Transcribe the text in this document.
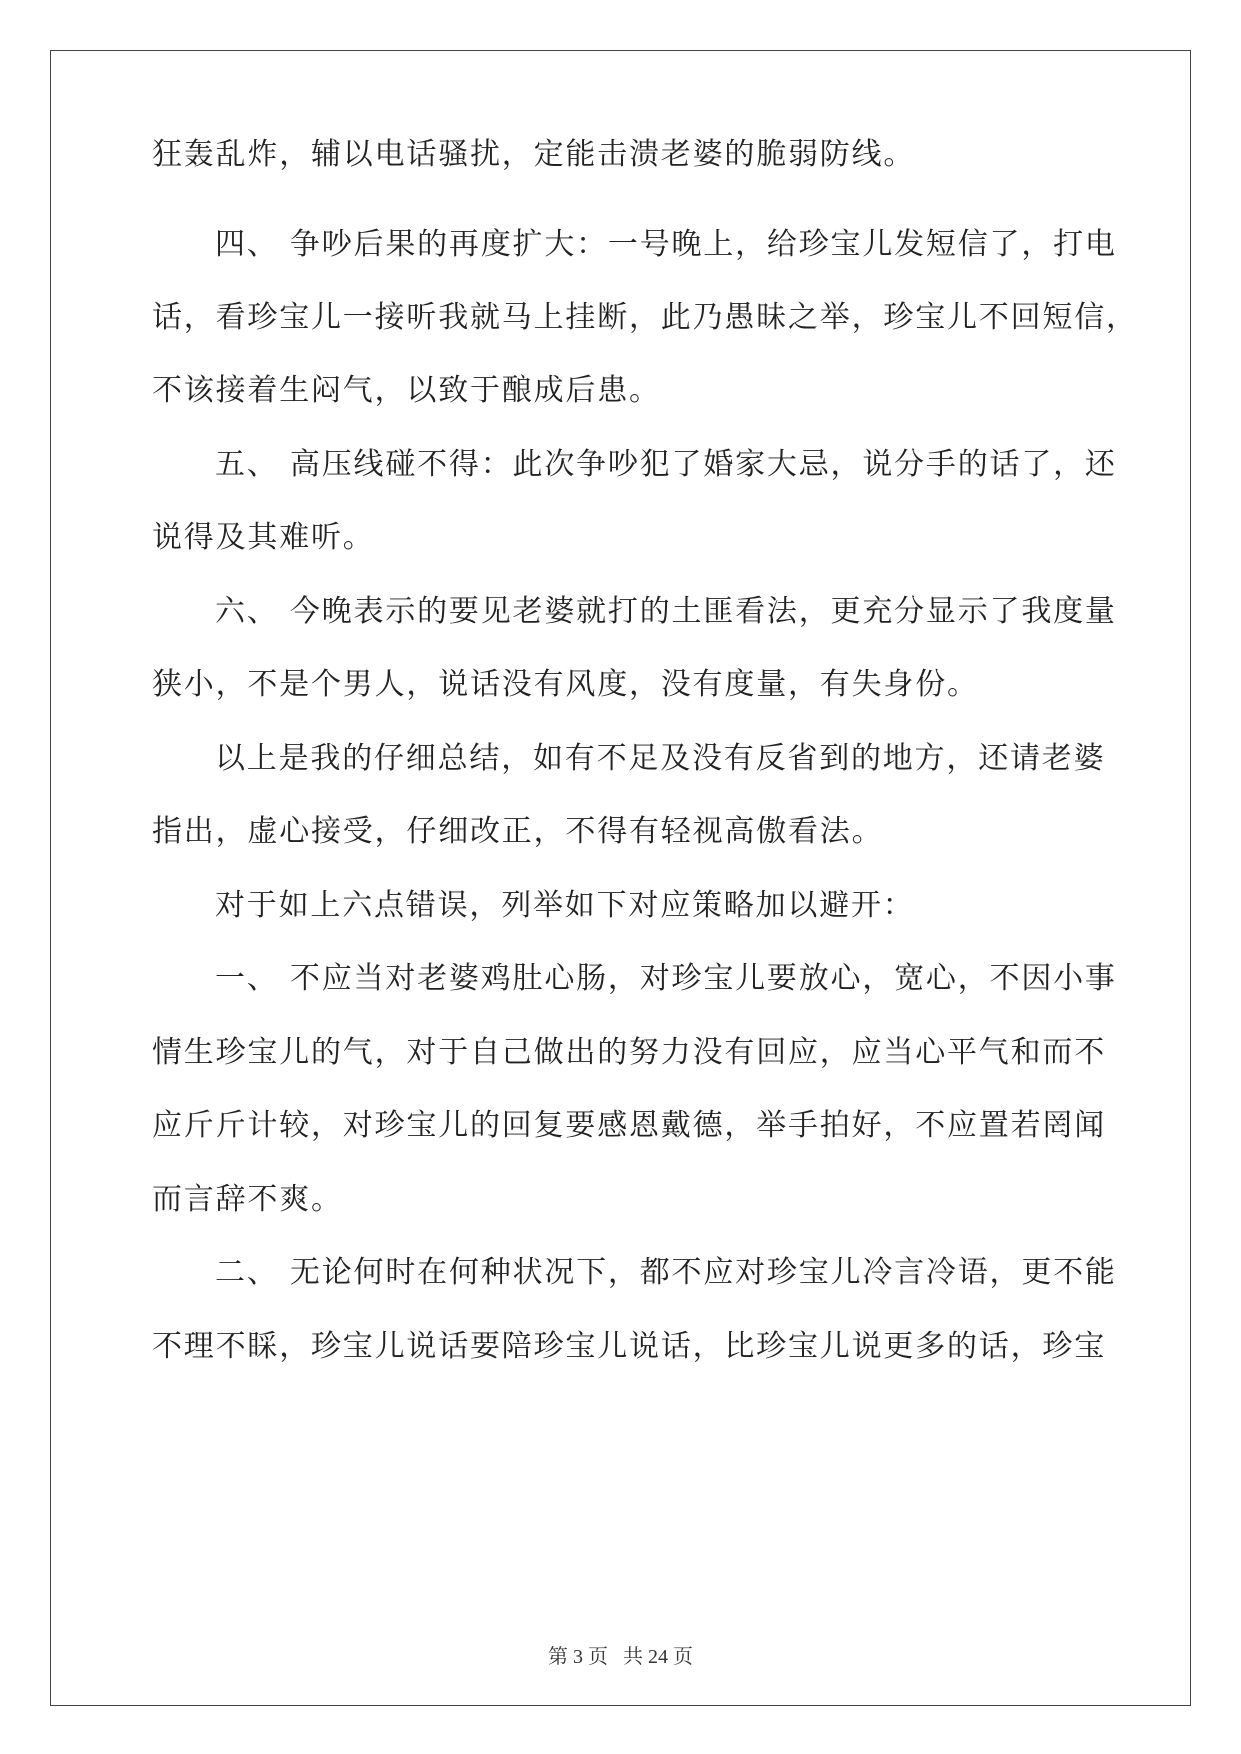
狂轰乱炸，辅以电话骚扰，定能击溃老婆的脆弱防线。
四、 争吵后果的再度扩大：一号晚上，给珍宝儿发短信了，打电
话，看珍宝儿一接听我就马上挂断，此乃愚昧之举，珍宝儿不回短信，
不该接着生闷气，以致于酿成后患。
五、 高压线碰不得：此次争吵犯了婚家大忌，说分手的话了，还
说得及其难听。
六、 今晚表示的要见老婆就打的土匪看法，更充分显示了我度量
狭小，不是个男人，说话没有风度，没有度量，有失身份。
以上是我的仔细总结，如有不足及没有反省到的地方，还请老婆
指出，虚心接受，仔细改正，不得有轻视高傲看法。
对于如上六点错误，列举如下对应策略加以避开：
一、 不应当对老婆鸡肚心肠，对珍宝儿要放心，宽心，不因小事
情生珍宝儿的气，对于自己做出的努力没有回应，应当心平气和而不
应斤斤计较，对珍宝儿的回复要感恩戴德，举手拍好，不应置若罔闻
而言辞不爽。
二、 无论何时在何种状况下，都不应对珍宝儿冷言冷语，更不能
不理不睬，珍宝儿说话要陪珍宝儿说话，比珍宝儿说更多的话，珍宝
第 3 页   共 24 页
